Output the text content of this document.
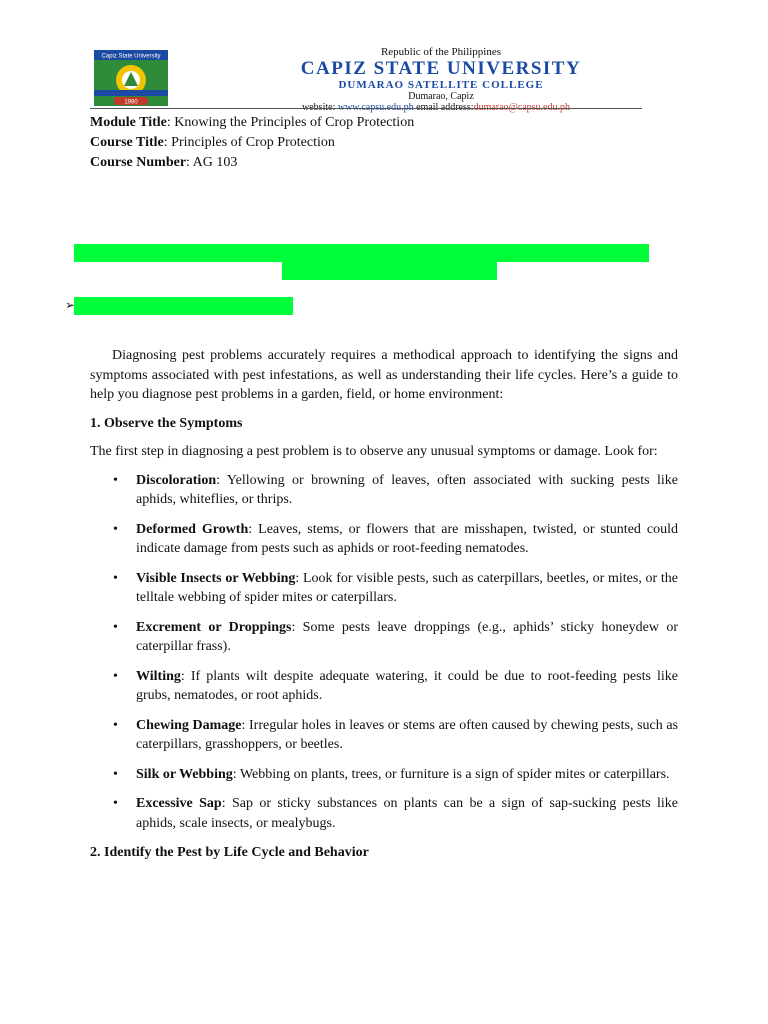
Capiz State University
1980
Republic of the Philippines
CAPIZ STATE UNIVERSITY
DUMARAO SATELLITE COLLEGE
Dumarao, Capiz
Module Title: Knowing the Principles of Crop Protection
Course Title: Principles of Crop Protection
Course Number: AG 103
➢

Diagnosing pest problems accurately requires a methodical approach to identifying the signs and symptoms associated with pest infestations, as well as understanding their life cycles. Here’s a guide to help you diagnose pest problems in a garden, field, or home environment:

1. Observe the Symptoms

The first step in diagnosing a pest problem is to observe any unusual symptoms or damage. Look for:

• Discoloration: Yellowing or browning of leaves, often associated with sucking pests like aphids, whiteflies, or thrips.
• Deformed Growth: Leaves, stems, or flowers that are misshapen, twisted, or stunted could indicate damage from pests such as aphids or root-feeding nematodes.
• Visible Insects or Webbing: Look for visible pests, such as caterpillars, beetles, or mites, or the telltale webbing of spider mites or caterpillars.
• Excrement or Droppings: Some pests leave droppings (e.g., aphids’ sticky honeydew or caterpillar frass).
• Wilting: If plants wilt despite adequate watering, it could be due to root-feeding pests like grubs, nematodes, or root aphids.
• Chewing Damage: Irregular holes in leaves or stems are often caused by chewing pests, such as caterpillars, grasshoppers, or beetles.
• Silk or Webbing: Webbing on plants, trees, or furniture is a sign of spider mites or caterpillars.
• Excessive Sap: Sap or sticky substances on plants can be a sign of sap-sucking pests like aphids, scale insects, or mealybugs.
2. Identify the Pest by Life Cycle and Behavior
